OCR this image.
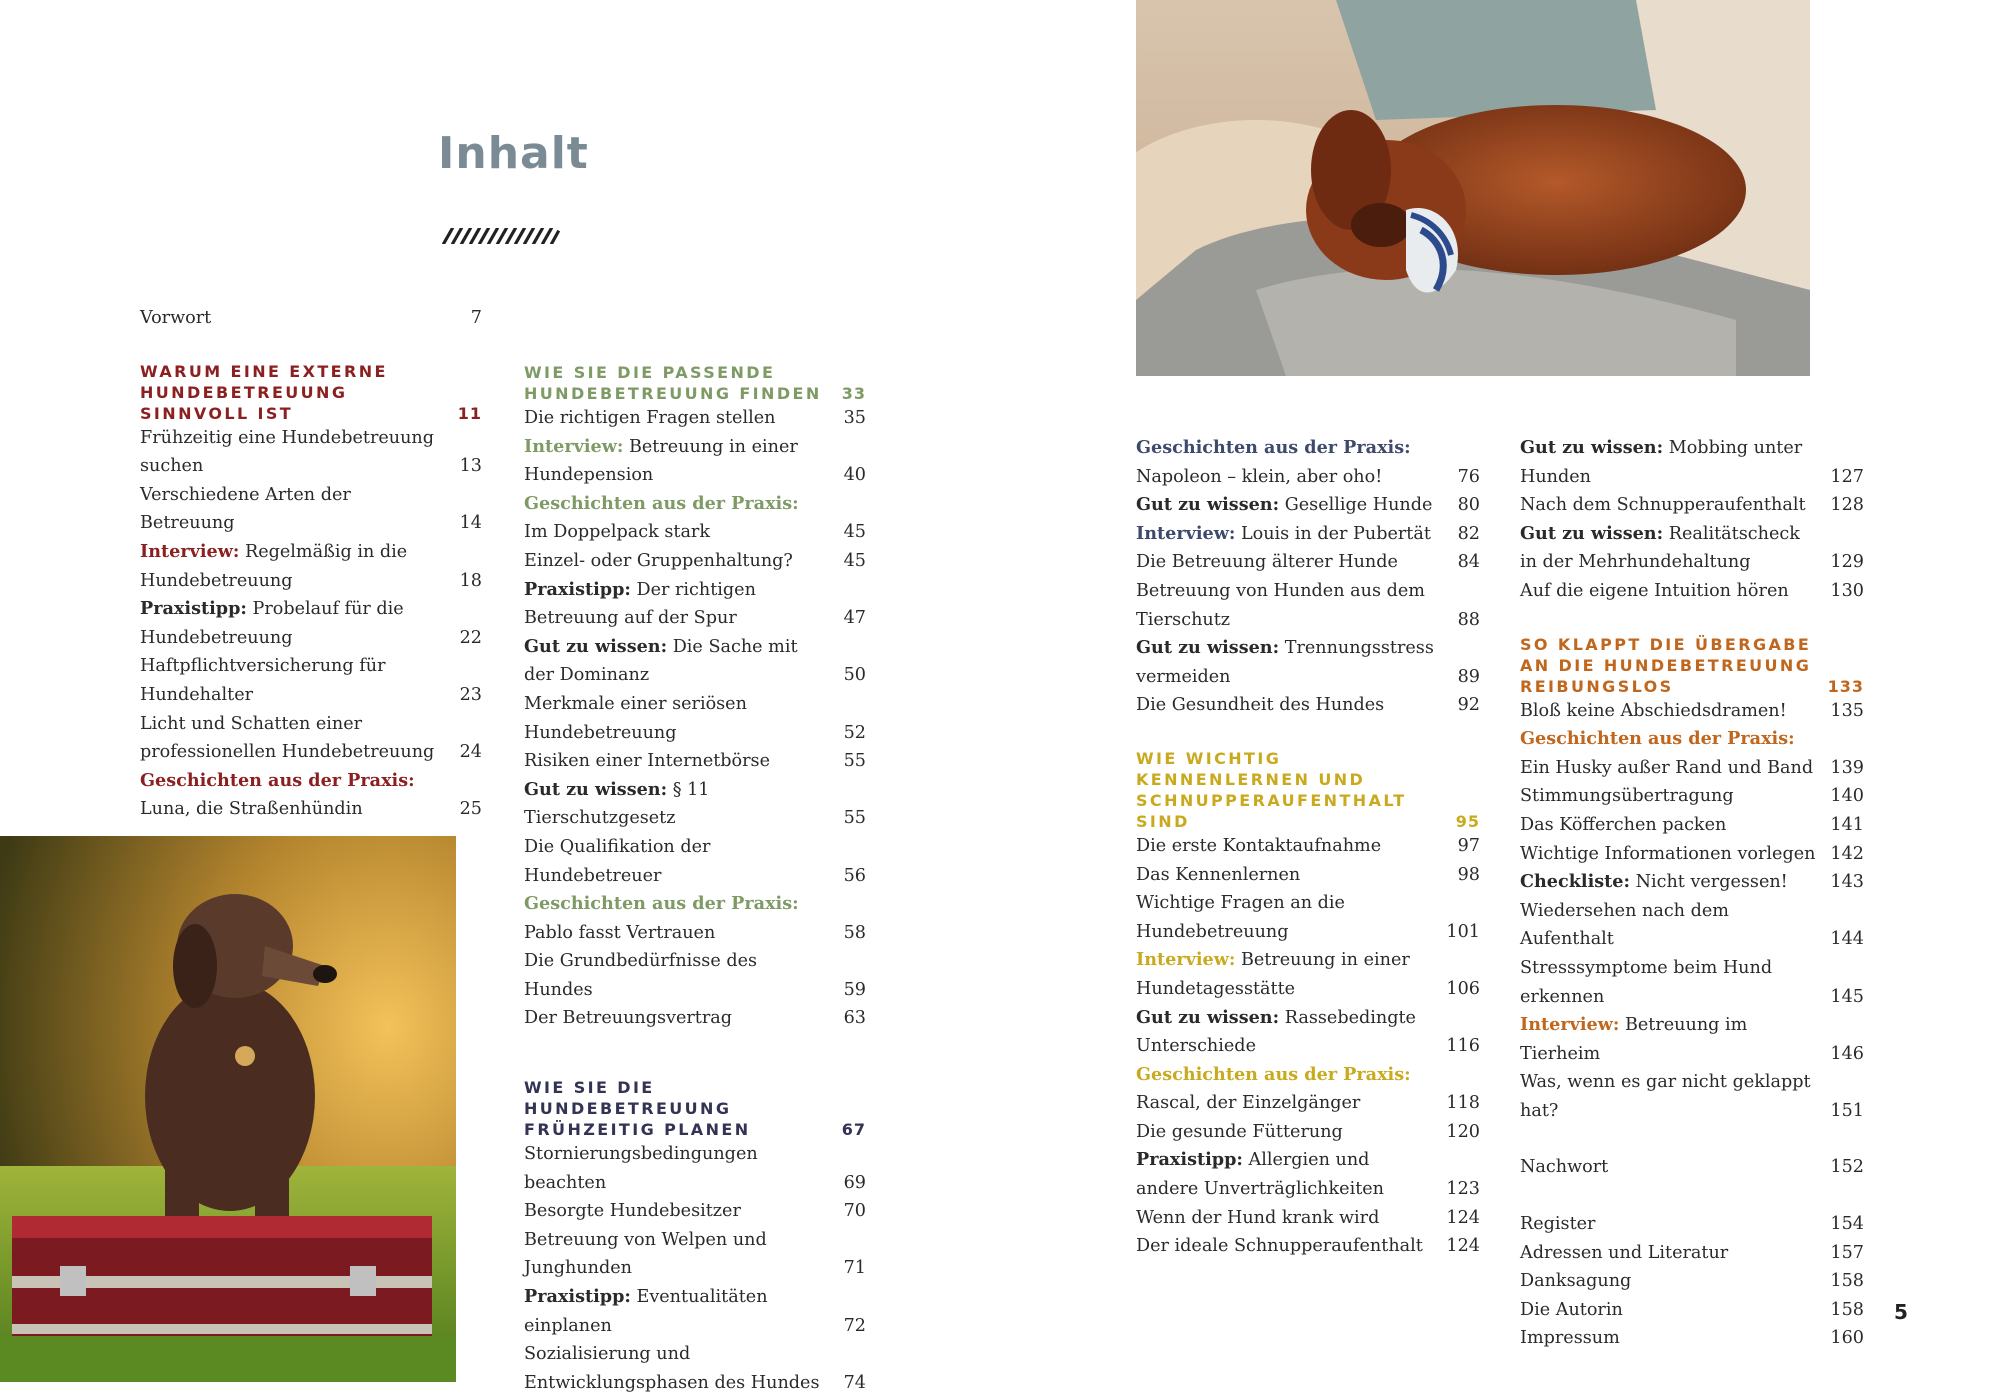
Inhalt
Vorwort	7
WARUM EINE EXTERNE HUNDEBETREUUNG SINNVOLL IST	11
Frühzeitig eine Hundebetreuung suchen	13
Verschiedene Arten der Betreuung	14
Interview: Regelmäßig in die Hundebetreuung	18
Praxistipp: Probelauf für die Hundebetreuung	22
Haftpflichtversicherung für Hundehalter	23
Licht und Schatten einer professionellen Hundebetreuung	24
Geschichten aus der Praxis: Luna, die Straßenhündin	25
WIE SIE DIE PASSENDE HUNDEBETREUUNG FINDEN	33
Die richtigen Fragen stellen	35
Interview: Betreuung in einer Hundepension	40
Geschichten aus der Praxis: Im Doppelpack stark	45
Einzel- oder Gruppenhaltung?	45
Praxistipp: Der richtigen Betreuung auf der Spur	47
Gut zu wissen: Die Sache mit der Dominanz	50
Merkmale einer seriösen Hundebetreuung	52
Risiken einer Internetbörse	55
Gut zu wissen: § 11 Tierschutzgesetz	55
Die Qualifikation der Hundebetreuer	56
Geschichten aus der Praxis: Pablo fasst Vertrauen	58
Die Grundbedürfnisse des Hundes	59
Der Betreuungsvertrag	63
WIE SIE DIE HUNDEBETREUUNG FRÜHZEITIG PLANEN	67
Stornierungsbedingungen beachten	69
Besorgte Hundebesitzer	70
Betreuung von Welpen und Junghunden	71
Praxistipp: Eventualitäten einplanen	72
Sozialisierung und Entwicklungsphasen des Hundes	74
Geschichten aus der Praxis: Napoleon – klein, aber oho!	76
Gut zu wissen: Gesellige Hunde	80
Interview: Louis in der Pubertät	82
Die Betreuung älterer Hunde	84
Betreuung von Hunden aus dem Tierschutz	88
Gut zu wissen: Trennungsstress vermeiden	89
Die Gesundheit des Hundes	92
WIE WICHTIG KENNENLERNEN UND SCHNUPPERAUFENTHALT SIND	95
Die erste Kontaktaufnahme	97
Das Kennenlernen	98
Wichtige Fragen an die Hundebetreuung	101
Interview: Betreuung in einer Hundetagesstätte	106
Gut zu wissen: Rassebedingte Unterschiede	116
Geschichten aus der Praxis: Rascal, der Einzelgänger	118
Die gesunde Fütterung	120
Praxistipp: Allergien und andere Unverträglichkeiten	123
Wenn der Hund krank wird	124
Der ideale Schnupperaufenthalt	124
Gut zu wissen: Mobbing unter Hunden	127
Nach dem Schnupperaufenthalt	128
Gut zu wissen: Realitätscheck in der Mehrhundehaltung	129
Auf die eigene Intuition hören	130
SO KLAPPT DIE ÜBERGABE AN DIE HUNDEBETREUUNG REIBUNGSLOS	133
Bloß keine Abschiedsdramen!	135
Geschichten aus der Praxis: Ein Husky außer Rand und Band 139
Stimmungsübertragung	140
Das Köfferchen packen	141
Wichtige Informationen vorlegen 142
Checkliste: Nicht vergessen!	143
Wiedersehen nach dem Aufenthalt	144
Stresssymptome beim Hund erkennen	145
Interview: Betreuung im Tierheim	146
Was, wenn es gar nicht geklappt hat?	151
Nachwort	152
Register	154
Adressen und Literatur	157
Danksagung	158
Die Autorin	158
Impressum	160
5
